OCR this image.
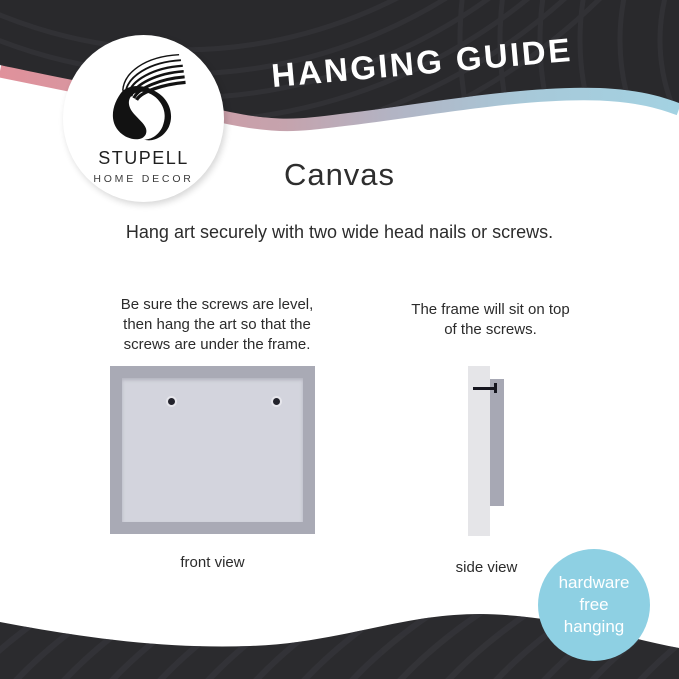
HANGING GUIDE
STUPELL
HOME DECOR	Canvas
Hang art securely with two wide head nails or screws.
Be sure the screws are level,
then hang the art so that the
screws are under the frame.
front view
The frame will sit on top
of the screws.
side view
hardware
free
hanging
